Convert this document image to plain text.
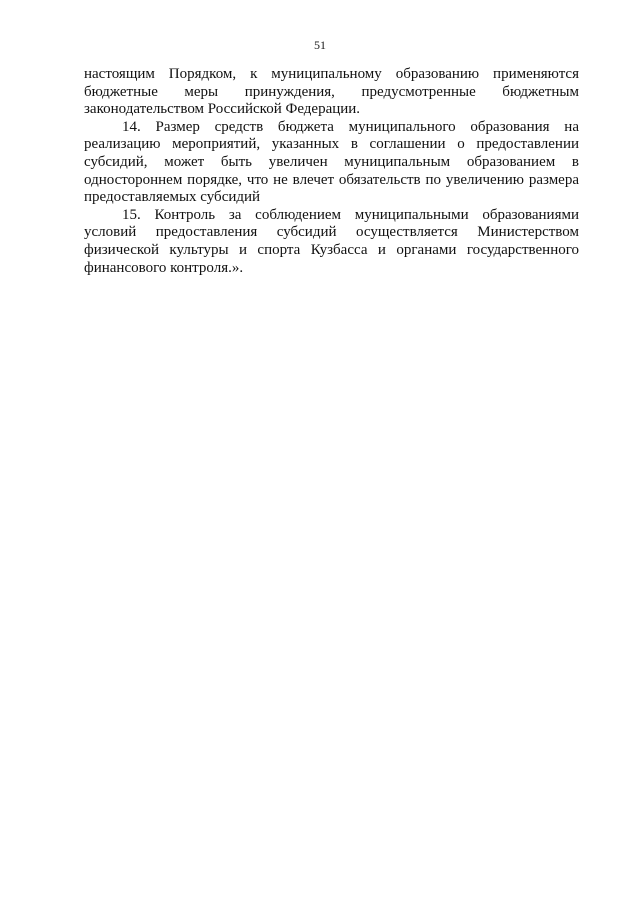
51

настоящим Порядком, к муниципальному образованию применяются
бюджетные меры принуждения, предусмотренные бюджетным
законодательством Российской Федерации.
14. Размер средств бюджета муниципального образования на
реализацию мероприятий, указанных в соглашении о предоставлении
субсидий, может быть увеличен муниципальным образованием в
одностороннем порядке, что не влечет обязательств по увеличению размера
предоставляемых субсидий
15. Контроль за соблюдением муниципальными образованиями
условий предоставления субсидий осуществляется Министерством
физической культуры и спорта Кузбасса и органами государственного
финансового контроля.».
